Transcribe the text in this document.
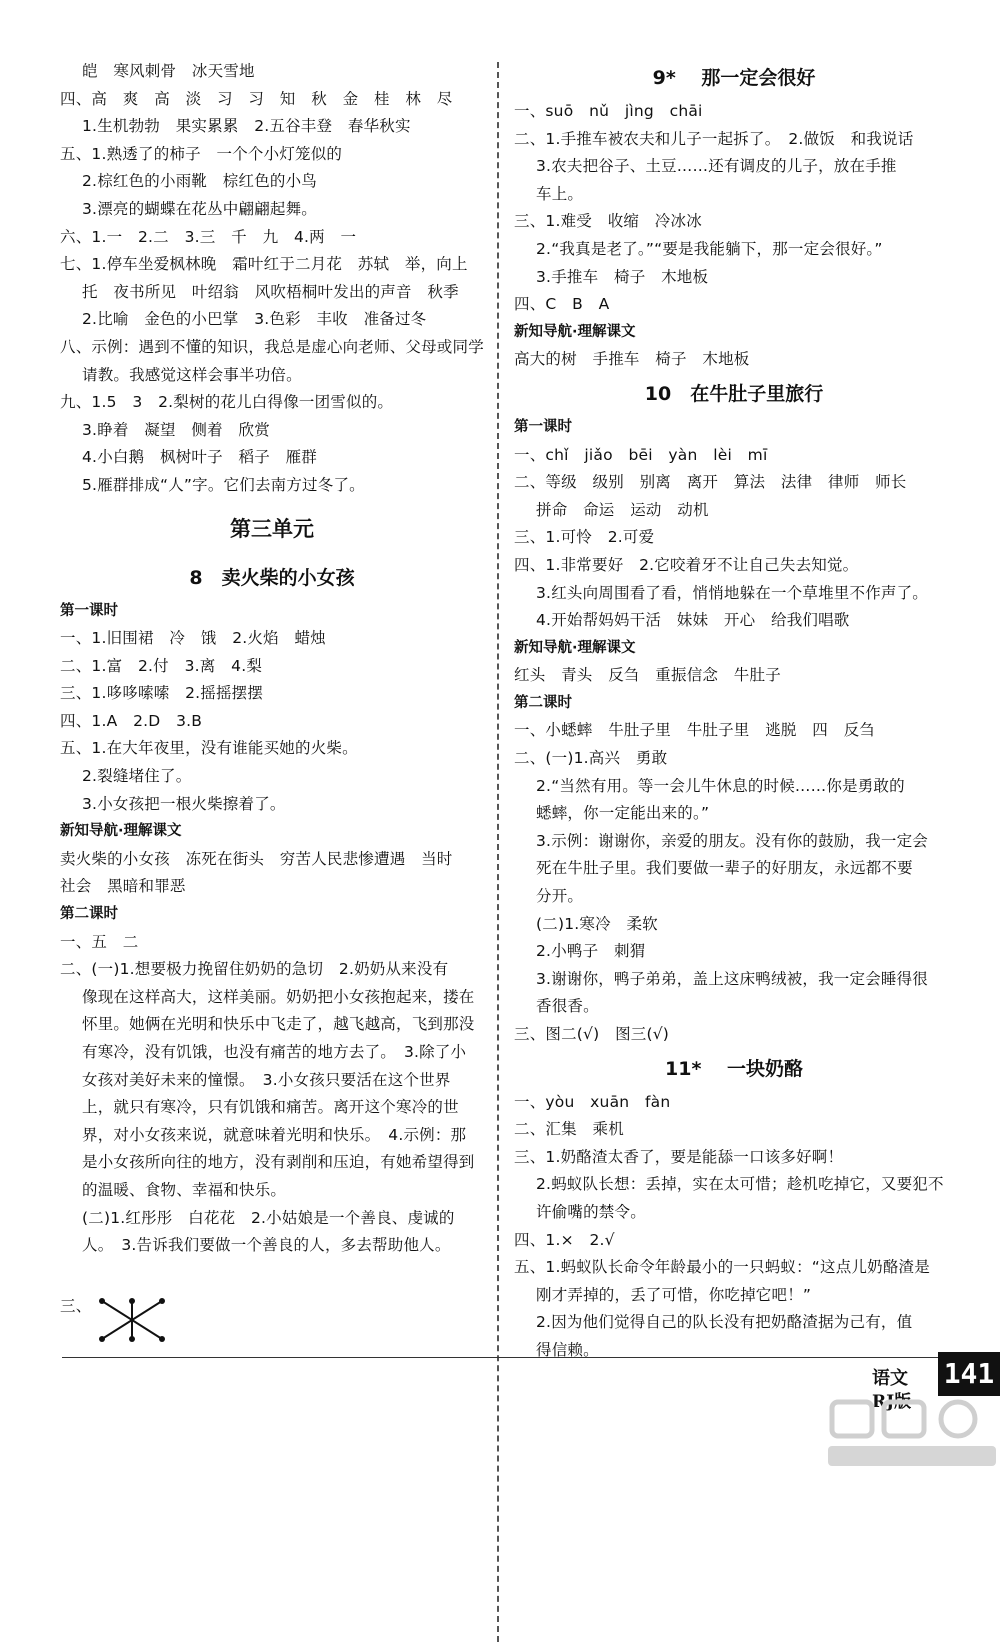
皑　寒风刺骨　冰天雪地
四、高　爽　高　淡　习　习　知　秋　金　桂　林　尽
1.生机勃勃　果实累累　2.五谷丰登　春华秋实
五、1.熟透了的柿子　一个个小灯笼似的
2.棕红色的小雨靴　棕红色的小鸟
3.漂亮的蝴蝶在花丛中翩翩起舞。
六、1.一　2.二　3.三　千　九　4.两　一
七、1.停车坐爱枫林晚　霜叶红于二月花　苏轼　举，向上
托　夜书所见　叶绍翁　风吹梧桐叶发出的声音　秋季
2.比喻　金色的小巴掌　3.色彩　丰收　准备过冬
八、示例：遇到不懂的知识，我总是虚心向老师、父母或同学
请教。我感觉这样会事半功倍。
九、1.5　3　2.梨树的花儿白得像一团雪似的。
3.睁着　凝望　侧着　欣赏
4.小白鹅　枫树叶子　稻子　雁群
5.雁群排成“人”字。它们去南方过冬了。
第三单元
8　卖火柴的小女孩
第一课时
一、1.旧围裙　冷　饿　2.火焰　蜡烛
二、1.富　2.付　3.离　4.梨
三、1.哆哆嗦嗦　2.摇摇摆摆
四、1.A　2.D　3.B
五、1.在大年夜里，没有谁能买她的火柴。
2.裂缝堵住了。
3.小女孩把一根火柴擦着了。
新知导航·理解课文
卖火柴的小女孩　冻死在街头　穷苦人民悲惨遭遇　当时
社会　黑暗和罪恶
第二课时
一、五　二
二、(一)1.想要极力挽留住奶奶的急切　2.奶奶从来没有
像现在这样高大，这样美丽。奶奶把小女孩抱起来，搂在
怀里。她俩在光明和快乐中飞走了，越飞越高，飞到那没
有寒冷，没有饥饿，也没有痛苦的地方去了。　3.除了小
女孩对美好未来的憧憬。　3.小女孩只要活在这个世界
上，就只有寒冷，只有饥饿和痛苦。离开这个寒冷的世
界，对小女孩来说，就意味着光明和快乐。　4.示例：那
是小女孩所向往的地方，没有剥削和压迫，有她希望得到
的温暖、食物、幸福和快乐。
(二)1.红彤彤　白花花　2.小姑娘是一个善良、虔诚的
人。　3.告诉我们要做一个善良的人，多去帮助他人。
三、
9* 　那一定会很好
一、suō　nǔ　jìng　chāi
二、1.手推车被农夫和儿子一起拆了。　2.做饭　和我说话
3.农夫把谷子、土豆……还有调皮的儿子，放在手推
车上。
三、1.难受　收缩　冷冰冰
2.“我真是老了。”“要是我能躺下，那一定会很好。”
3.手推车　椅子　木地板
四、C　B　A
新知导航·理解课文
高大的树　手推车　椅子　木地板
10　在牛肚子里旅行
第一课时
一、chǐ　jiǎo　bēi　yàn　lèi　mī
二、等级　级别　别离　离开　算法　法律　律师　师长
拼命　命运　运动　动机
三、1.可怜　2.可爱
四、1.非常要好　2.它咬着牙不让自己失去知觉。
3.红头向周围看了看，悄悄地躲在一个草堆里不作声了。
4.开始帮妈妈干活　妹妹　开心　给我们唱歌
新知导航·理解课文
红头　青头　反刍　重振信念　牛肚子
第二课时
一、小蟋蟀　牛肚子里　牛肚子里　逃脱　四　反刍
二、(一)1.高兴　勇敢
2.“当然有用。等一会儿牛休息的时候……你是勇敢的
蟋蟀，你一定能出来的。”
3.示例：谢谢你，亲爱的朋友。没有你的鼓励，我一定会
死在牛肚子里。我们要做一辈子的好朋友，永远都不要
分开。
(二)1.寒冷　柔软
2.小鸭子　刺猬
3.谢谢你，鸭子弟弟，盖上这床鸭绒被，我一定会睡得很
香很香。
三、图二(√)　图三(√)
11* 　一块奶酪
一、yòu　xuān　fàn
二、汇集　乘机
三、1.奶酪渣太香了，要是能舔一口该多好啊！
2.蚂蚁队长想：丢掉，实在太可惜；趁机吃掉它，又要犯不
许偷嘴的禁令。
四、1.×　2.√
五、1.蚂蚁队长命令年龄最小的一只蚂蚁：“这点儿奶酪渣是
刚才弄掉的，丢了可惜，你吃掉它吧！”
2.因为他们觉得自己的队长没有把奶酪渣据为己有，值
得信赖。
语文
RJ版
141
